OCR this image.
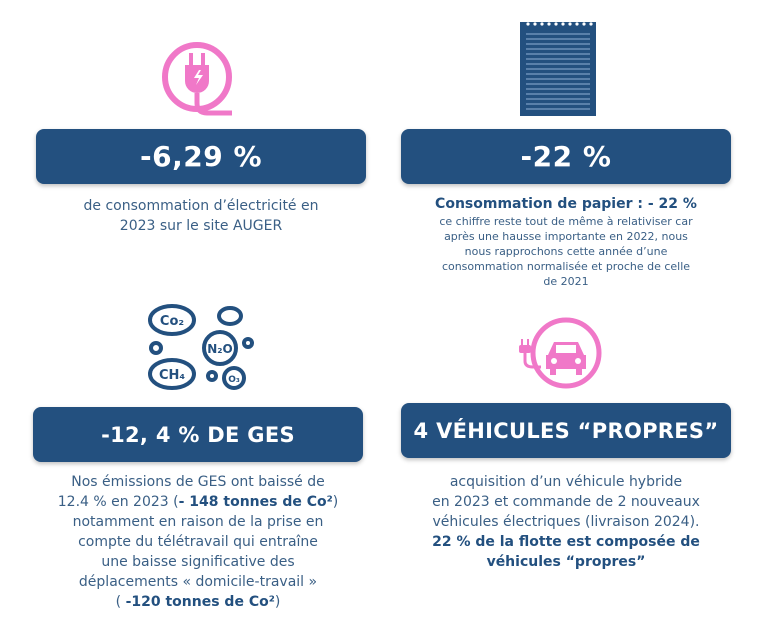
-6,29 %
de consommation d’électricité en
2023 sur le site AUGER
-22 %
Consommation de papier : - 22 %
ce chiffre reste tout de même à relativiser car
après une hausse importante en 2022, nous
nous rapprochons cette année d’une
consommation normalisée et proche de celle
de 2021
Co₂
N₂O
CH₄	O₃
-12, 4 % DE GES
Nos émissions de GES ont baissé de
12.4 % en 2023 (- 148 tonnes de Co²)
notamment en raison de la prise en
compte du télétravail qui entraîne
une baisse significative des
déplacements « domicile-travail »
( -120 tonnes de Co²)
4 VÉHICULES “PROPRES”
acquisition d’un véhicule hybride
en 2023 et commande de 2 nouveaux
véhicules électriques (livraison 2024).
22 % de la flotte est composée de
véhicules “propres”
